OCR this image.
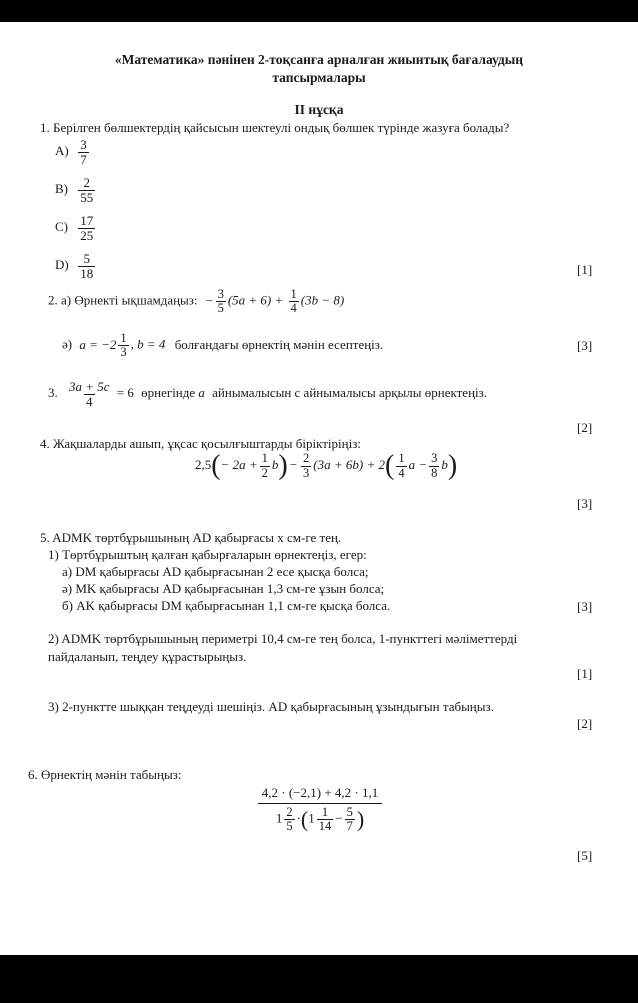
«Математика» пәнінен 2-тоқсанға арналған жиынтық бағалаудың
тапсырмалары
II нұсқа
1. Берілген бөлшектердің қайсысын шектеулі ондық бөлшек түрінде жазуға болады?
$A) \frac{3}{7}$
$B) \frac{2}{55}$
$C) \frac{17}{25}$
$D) \frac{5}{18}$	[1]
2. а) Өрнекті ықшамдаңыз: − $\frac{3}{5} (5a + 6) + \frac{1}{4} (3b - 8)$
ә) $a = -2 \frac{1}{3}$ , b = 4 болғандағы өрнектің мәнін есептеңіз.	[3]
3. $\frac{3a + 5c}{4} = 6$ өрнегінде a айнымалысын с айнымалысы арқылы өрнектеңіз.
[2]
4. Жақшаларды ашып, ұқсас қосылғыштарды біріктіріңіз:
$2,5(- 2a + \frac{1}{2} b) - \frac{2}{3} (3a + 6b) + 2( \frac{1}{4}$ $a - \frac{3}{8} b$)
[3]
5. ADMK төртбұрышының AD қабырғасы x см-ге тең.
1) Төртбұрыштың қалған қабырғаларын өрнектеңіз, егер:
а) DM қабырғасы AD қабырғасынан 2 есе қысқа болса;
ә) MK қабырғасы AD қабырғасынан 1,3 см-ге ұзын болса;
б) AK қабырғасы DM қабырғасынан 1,1 см-ге қысқа болса.	[3]
2) ADMK төртбұрышының периметрі 10,4 см-ге тең болса, 1-пункттегі мәліметтерді
пайдаланып, теңдеу құрастырыңыз.
[1]
3) 2-пунктте шыққан теңдеуді шешіңіз. AD қабырғасының ұзындығын табыңыз.
[2]
6. Өрнектің мәнін табыңыз:
$\frac{4,2 \cdot (-2,1) + 4,2 \cdot 1,1}{1 \frac{2}{5} \cdot(1 \frac{1}{14} - \frac{5}{7} )}$
[5]
